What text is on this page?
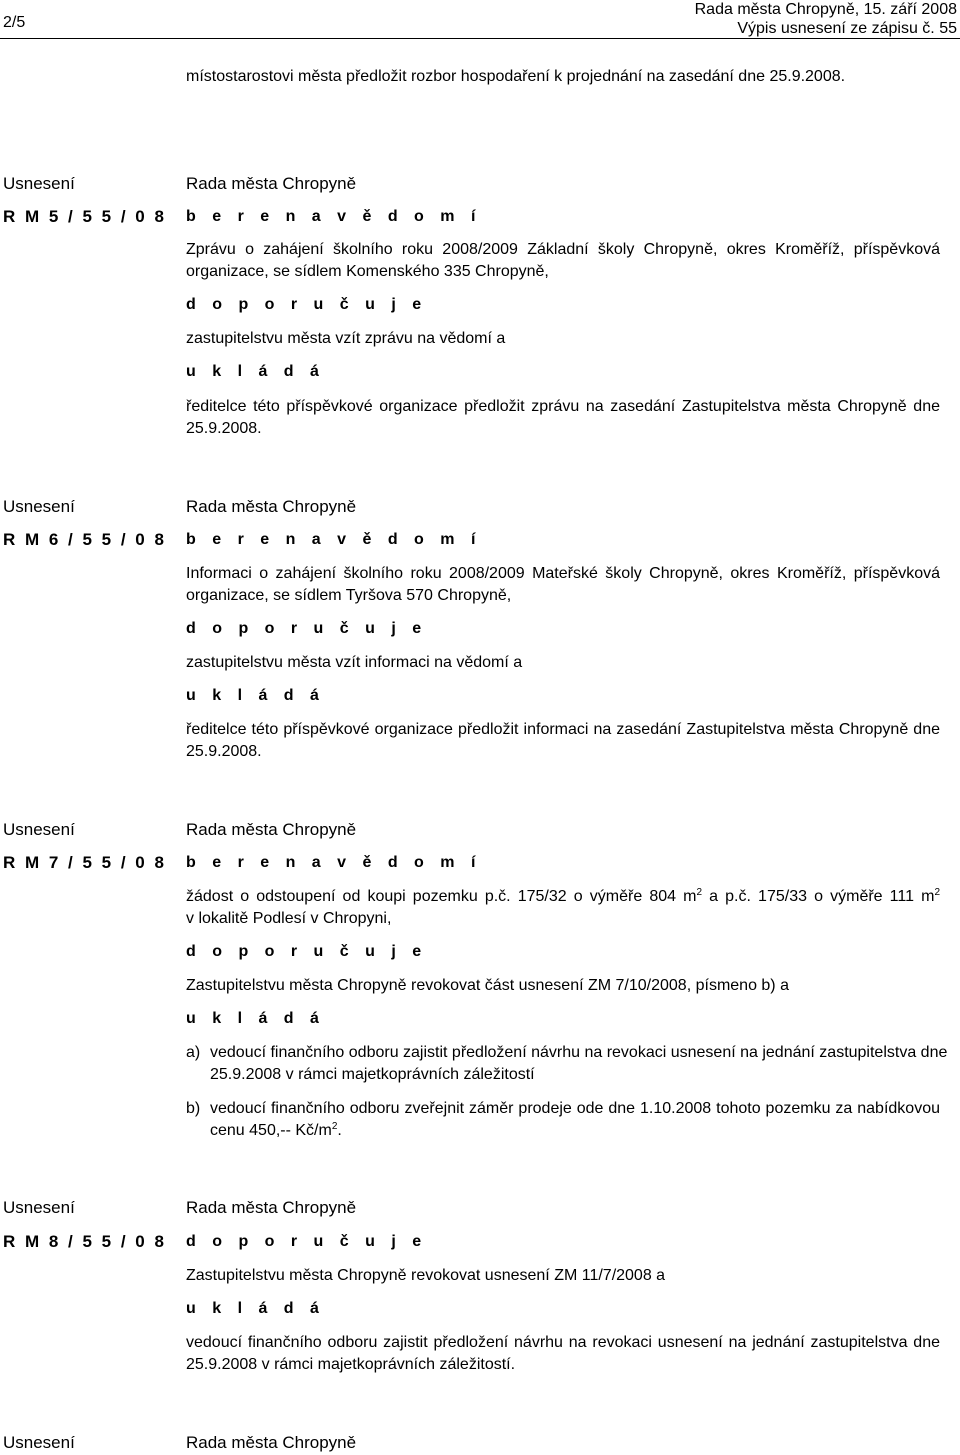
2/5
Rada města Chropyně, 15. září 2008
Výpis usnesení ze zápisu č. 55
místostarostovi města předložit rozbor hospodaření k projednání na zasedání dne 25.9.2008.
Usnesení	Rada města Chropyně
R M 5 / 5 5 / 0 8 b e r e n a v ě d o m í
Zprávu o zahájení školního roku 2008/2009 Základní školy Chropyně, okres Kroměříž, příspěvková
organizace, se sídlem Komenského 335 Chropyně,
d o p o r u č u j e
zastupitelstvu města vzít zprávu na vědomí a
u k l á d á
ředitelce této příspěvkové organizace předložit zprávu na zasedání Zastupitelstva města Chropyně dne
25.9.2008.
Usnesení	Rada města Chropyně
R M 6 / 5 5 / 0 8 b e r e n a v ě d o m í
Informaci o zahájení školního roku 2008/2009 Mateřské školy Chropyně, okres Kroměříž, příspěvková
organizace, se sídlem Tyršova 570 Chropyně,
d o p o r u č u j e
zastupitelstvu města vzít informaci na vědomí a
u k l á d á
ředitelce této příspěvkové organizace předložit informaci na zasedání Zastupitelstva města Chropyně dne
25.9.2008.
Usnesení	Rada města Chropyně
R M 7 / 5 5 / 0 8 b e r e n a v ě d o m í
žádost o odstoupení od koupi pozemku p.č. 175/32 o výměře 804 $m^2$ a p.č. 175/33 o výměře 111 $m^2$
v lokalitě Podlesí v Chropyni,
d o p o r u č u j e
Zastupitelstvu města Chropyně revokovat část usnesení ZM 7/10/2008, písmeno b) a
u k l á d á
a) vedoucí finančního odboru zajistit předložení návrhu na revokaci usnesení na jednání zastupitelstva dne
25.9.2008 v rámci majetkoprávních záležitostí
b) vedoucí finančního odboru zveřejnit záměr prodeje ode dne 1.10.2008 tohoto pozemku za nabídkovou
cenu 450,-- $Kč/m^2$.
Usnesení	Rada města Chropyně
R M 8 / 5 5 / 0 8 d o p o r u č u j e
Zastupitelstvu města Chropyně revokovat usnesení ZM 11/7/2008 a
u k l á d á
vedoucí finančního odboru zajistit předložení návrhu na revokaci usnesení na jednání zastupitelstva dne
25.9.2008 v rámci majetkoprávních záležitostí.
Usnesení	Rada města Chropyně
